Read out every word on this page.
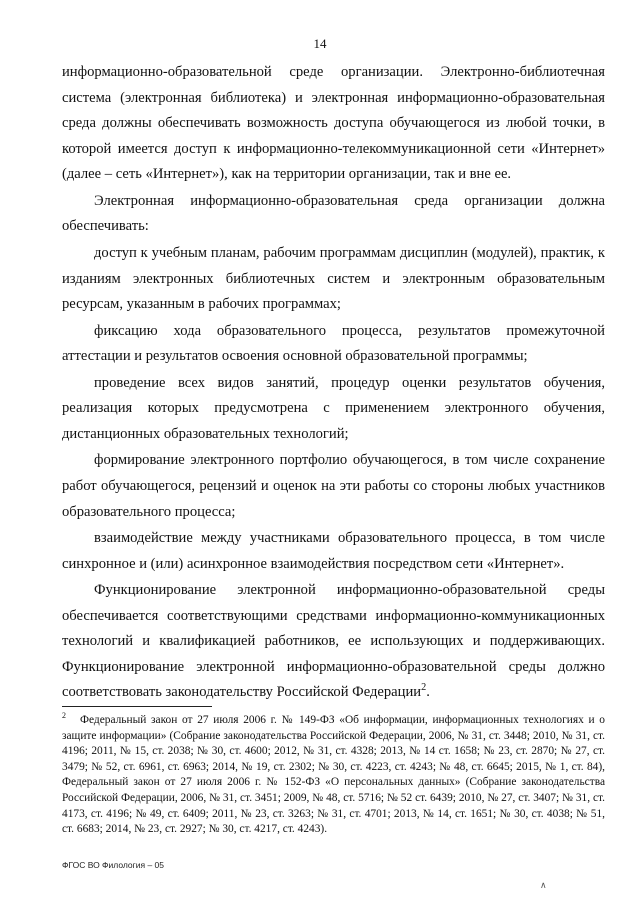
14

информационно-образовательной среде организации. Электронно-библиотечная система (электронная библиотека) и электронная информационно-образовательная среда должны обеспечивать возможность доступа обучающегося из любой точки, в которой имеется доступ к информационно-телекоммуникационной сети «Интернет» (далее – сеть «Интернет»), как на территории организации, так и вне ее.

Электронная информационно-образовательная среда организации должна обеспечивать:

доступ к учебным планам, рабочим программам дисциплин (модулей), практик, к изданиям электронных библиотечных систем и электронным образовательным ресурсам, указанным в рабочих программах;

фиксацию хода образовательного процесса, результатов промежуточной аттестации и результатов освоения основной образовательной программы;

проведение всех видов занятий, процедур оценки результатов обучения, реализация которых предусмотрена с применением электронного обучения, дистанционных образовательных технологий;

формирование электронного портфолио обучающегося, в том числе сохранение работ обучающегося, рецензий и оценок на эти работы со стороны любых участников образовательного процесса;

взаимодействие между участниками образовательного процесса, в том числе синхронное и (или) асинхронное взаимодействия посредством сети «Интернет».

Функционирование электронной информационно-образовательной среды обеспечивается соответствующими средствами информационно-коммуникационных технологий и квалификацией работников, ее использующих и поддерживающих. Функционирование электронной информационно-образовательной среды должно соответствовать законодательству Российской Федерации$^2$.

$^2$ Федеральный закон от 27 июля 2006 г. № 149-ФЗ «Об информации, информационных технологиях и о защите информации» (Собрание законодательства Российской Федерации, 2006, № 31, ст. 3448; 2010, № 31, ст. 4196; 2011, № 15, ст. 2038; № 30, ст. 4600; 2012, № 31, ст. 4328; 2013, № 14 ст. 1658; № 23, ст. 2870; № 27, ст. 3479; № 52, ст. 6961, ст. 6963; 2014, № 19, ст. 2302; № 30, ст. 4223, ст. 4243; № 48, ст. 6645; 2015, № 1, ст. 84), Федеральный закон от 27 июля 2006 г. № 152-ФЗ «О персональных данных» (Собрание законодательства Российской Федерации, 2006, № 31, ст. 3451; 2009, № 48, ст. 5716; № 52 ст. 6439; 2010, № 27, ст. 3407; № 31, ст. 4173, ст. 4196; № 49, ст. 6409; 2011, № 23, ст. 3263; № 31, ст. 4701; 2013, № 14, ст. 1651; № 30, ст. 4038; № 51, ст. 6683; 2014, № 23, ст. 2927; № 30, ст. 4217, ст. 4243).

ФГОС ВО Филология – 05
∧
